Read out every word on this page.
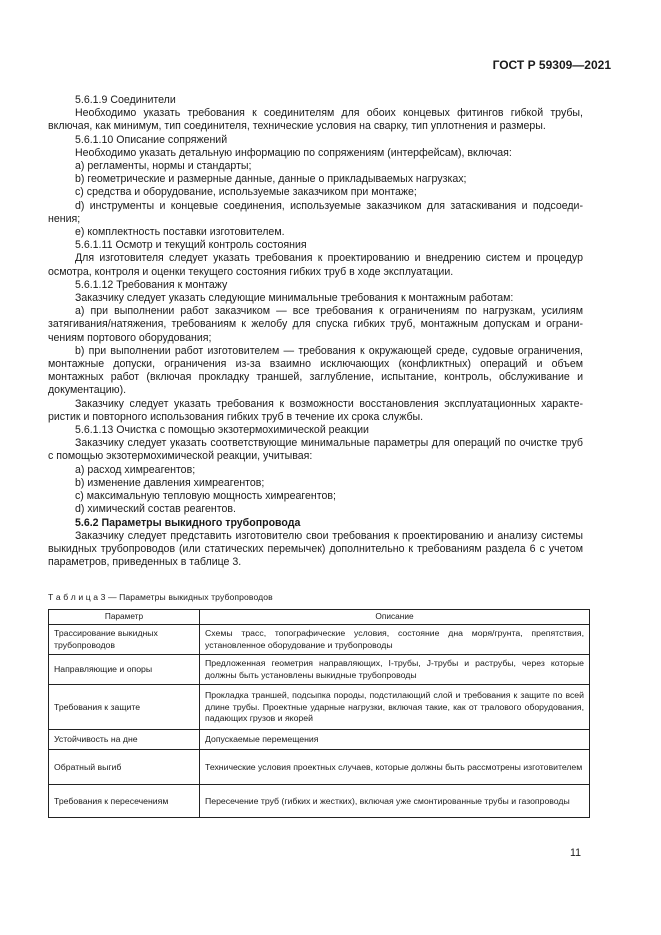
ГОСТ Р 59309—2021

5.6.1.9 Соединители

Необходимо указать требования к соединителям для обоих концевых фитингов гибкой трубы, включая, как минимум, тип соединителя, технические условия на сварку, тип уплотнения и размеры.

5.6.1.10 Описание сопряжений

Необходимо указать детальную информацию по сопряжениям (интерфейсам), включая:

a) регламенты, нормы и стандарты;

b) геометрические и размерные данные, данные о прикладываемых нагрузках;

c) средства и оборудование, используемые заказчиком при монтаже;

d) инструменты и концевые соединения, используемые заказчиком для затаскивания и подсоединения;

e) комплектность поставки изготовителем.

5.6.1.11 Осмотр и текущий контроль состояния

Для изготовителя следует указать требования к проектированию и внедрению систем и процедур осмотра, контроля и оценки текущего состояния гибких труб в ходе эксплуатации.

5.6.1.12 Требования к монтажу

Заказчику следует указать следующие минимальные требования к монтажным работам:

a) при выполнении работ заказчиком — все требования к ограничениям по нагрузкам, усилиям затягивания/натяжения, требованиям к желобу для спуска гибких труб, монтажным допускам и ограничениям портового оборудования;

b) при выполнении работ изготовителем — требования к окружающей среде, судовые ограничения, монтажные допуски, ограничения из-за взаимно исключающих (конфликтных) операций и объем монтажных работ (включая прокладку траншей, заглубление, испытание, контроль, обслуживание и документацию).

Заказчику следует указать требования к возможности восстановления эксплуатационных характеристик и повторного использования гибких труб в течение их срока службы.

5.6.1.13 Очистка с помощью экзотермохимической реакции

Заказчику следует указать соответствующие минимальные параметры для операций по очистке труб с помощью экзотермохимической реакции, учитывая:

a) расход химреагентов;

b) изменение давления химреагентов;

c) максимальную тепловую мощность химреагентов;

d) химический состав реагентов.

5.6.2 Параметры выкидного трубопровода

Заказчику следует представить изготовителю свои требования к проектированию и анализу системы выкидных трубопроводов (или статических перемычек) дополнительно к требованиям раздела 6 с учетом параметров, приведенных в таблице 3.

Т а б л и ц а 3 — Параметры выкидных трубопроводов
Параметр	Описание
Трассирование выкидных трубопроводов	Схемы трасс, топографические условия, состояние дна моря/грунта, препятствия, установленное оборудование и трубопроводы
Направляющие и опоры	Предложенная геометрия направляющих, I-трубы, J-трубы и раструбы, через которые должны быть установлены выкидные трубопроводы
Требования к защите	Прокладка траншей, подсыпка породы, подстилающий слой и требования к защите по всей длине трубы. Проектные ударные нагрузки, включая такие, как от тралового оборудования, падающих грузов и якорей
Устойчивость на дне	Допускаемые перемещения
Обратный выгиб	Технические условия проектных случаев, которые должны быть рассмотрены изготовителем
Требования к пересечениям	Пересечение труб (гибких и жестких), включая уже смонтированные трубы и газопроводы
11
